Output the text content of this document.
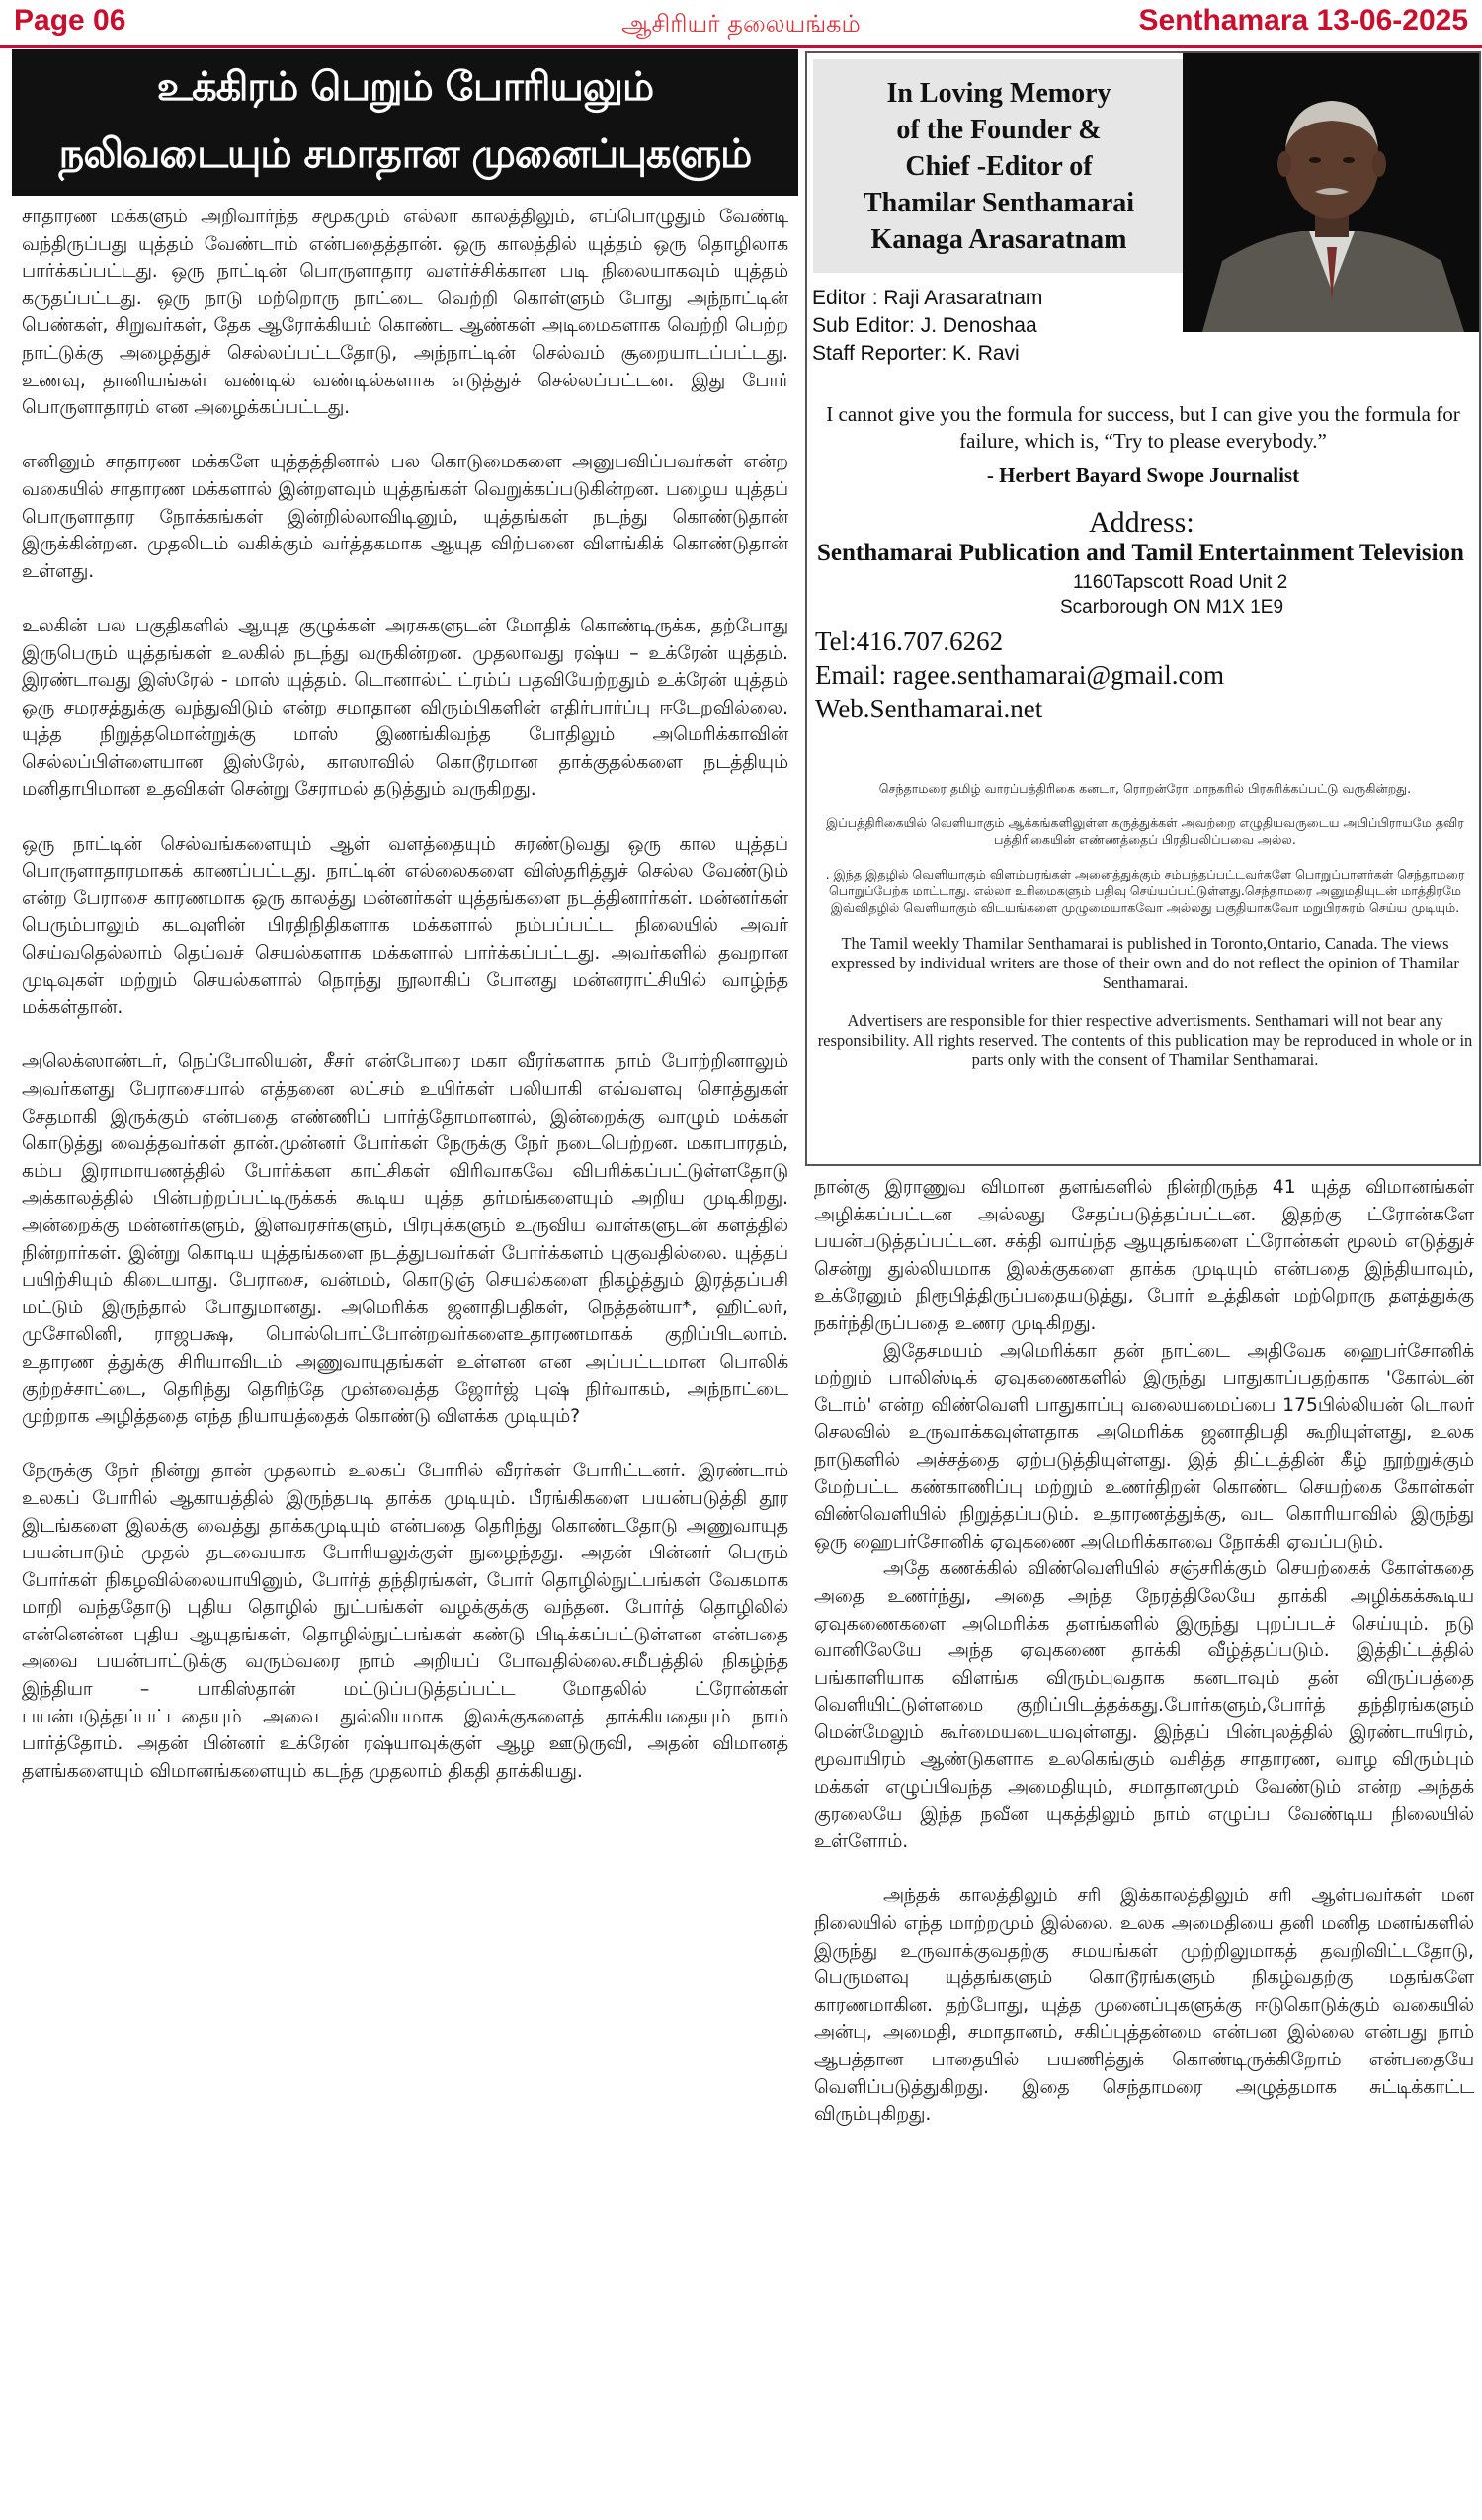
Page 06	ஆசிரியர் தலையங்கம்	Senthamara 13-06-2025
உக்கிரம் பெறும் போரியலும்
நலிவடையும் சமாதான முனைப்புகளும்

சாதாரண மக்களும் அறிவார்ந்த சமூகமும் எல்லா காலத்திலும், எப்பொழுதும் வேண்டி வந்திருப்பது யுத்தம் வேண்டாம் என்பதைத்தான். ஒரு காலத்தில் யுத்தம் ஒரு தொழிலாக பார்க்கப்பட்டது. ஒரு நாட்டின் பொருளாதார வளர்ச்சிக்கான படி நிலையாகவும் யுத்தம் கருதப்பட்டது. ஒரு நாடு மற்றொரு நாட்டை வெற்றி கொள்ளும் போது அந்நாட்டின் பெண்கள், சிறுவர்கள், தேக ஆரோக்கியம் கொண்ட ஆண்கள் அடிமைகளாக வெற்றி பெற்ற நாட்டுக்கு அழைத்துச் செல்லப்பட்டதோடு, அந்நாட்டின் செல்வம் சூறையாடப்பட்டது. உணவு, தானியங்கள் வண்டில் வண்டில்களாக எடுத்துச் செல்லப்பட்டன. இது போர் பொருளாதாரம் என அழைக்கப்பட்டது.

எனினும் சாதாரண மக்களே யுத்தத்தினால் பல கொடுமைகளை அனுபவிப்பவர்கள் என்ற வகையில் சாதாரண மக்களால் இன்றளவும் யுத்தங்கள் வெறுக்கப்படுகின்றன. பழைய யுத்தப் பொருளாதார நோக்கங்கள் இன்றில்லாவிடினும், யுத்தங்கள் நடந்து கொண்டுதான் இருக்கின்றன. முதலிடம் வகிக்கும் வர்த்தகமாக ஆயுத விற்பனை விளங்கிக் கொண்டுதான் உள்ளது.

உலகின் பல பகுதிகளில் ஆயுத குழுக்கள் அரசுகளுடன் மோதிக் கொண்டிருக்க, தற்போது இருபெரும் யுத்தங்கள் உலகில் நடந்து வருகின்றன. முதலாவது ரஷ்ய – உக்ரேன் யுத்தம். இரண்டாவது இஸ்ரேல் - மாஸ் யுத்தம். டொனால்ட் ட்ரம்ப் பதவியேற்றதும் உக்ரேன் யுத்தம் ஒரு சமரசத்துக்கு வந்துவிடும் என்ற சமாதான விரும்பிகளின் எதிர்பார்ப்பு ஈடேறவில்லை. யுத்த நிறுத்தமொன்றுக்கு மாஸ் இணங்கிவந்த போதிலும் அமெரிக்காவின் செல்லப்பிள்ளையான இஸ்ரேல், காஸாவில் கொடூரமான தாக்குதல்களை நடத்தியும் மனிதாபிமான உதவிகள் சென்று சேராமல் தடுத்தும் வருகிறது.

ஒரு நாட்டின் செல்வங்களையும் ஆள் வளத்தையும் சுரண்டுவது ஒரு கால யுத்தப் பொருளாதாரமாகக் காணப்பட்டது. நாட்டின் எல்லைகளை விஸ்தரித்துச் செல்ல வேண்டும் என்ற பேராசை காரணமாக ஒரு காலத்து மன்னர்கள் யுத்தங்களை நடத்தினார்கள். மன்னர்கள் பெரும்பாலும் கடவுளின் பிரதிநிதிகளாக மக்களால் நம்பப்பட்ட நிலையில் அவர் செய்வதெல்லாம் தெய்வச் செயல்களாக மக்களால் பார்க்கப்பட்டது. அவர்களில் தவறான முடிவுகள் மற்றும் செயல்களால் நொந்து நூலாகிப் போனது மன்னராட்சியில் வாழ்ந்த மக்கள்தான்.

அலெக்ஸாண்டர், நெப்போலியன், சீசர் என்போரை மகா வீரர்களாக நாம் போற்றினாலும் அவர்களது பேராசையால் எத்தனை லட்சம் உயிர்கள் பலியாகி எவ்வளவு சொத்துகள் சேதமாகி இருக்கும் என்பதை எண்ணிப் பார்த்தோமானால், இன்றைக்கு வாழும் மக்கள் கொடுத்து வைத்தவர்கள் தான்.முன்னர் போர்கள் நேருக்கு நேர் நடைபெற்றன. மகாபாரதம், கம்ப இராமாயணத்தில் போர்க்கள காட்சிகள் விரிவாகவே விபரிக்கப்பட்டுள்ளதோடு அக்காலத்தில் பின்பற்றப்பட்டிருக்கக் கூடிய யுத்த தர்மங்களையும் அறிய முடிகிறது. அன்றைக்கு மன்னர்களும், இளவரசர்களும், பிரபுக்களும் உருவிய வாள்களுடன் களத்தில் நின்றார்கள். இன்று கொடிய யுத்தங்களை நடத்துபவர்கள் போர்க்களம் புகுவதில்லை. யுத்தப் பயிற்சியும் கிடையாது. பேராசை, வன்மம், கொடுஞ் செயல்களை நிகழ்த்தும் இரத்தப்பசி மட்டும் இருந்தால் போதுமானது. அமெரிக்க ஜனாதிபதிகள், நெத்தன்யா*, ஹிட்லர், முசோலினி, ராஜபக்ஷ, பொல்பொட்போன்றவர்களைஉதாரணமாகக் குறிப்பிடலாம். உதாரண த்துக்கு சிரியாவிடம் அணுவாயுதங்கள் உள்ளன என அப்பட்டமான பொலிக் குற்றச்சாட்டை, தெரிந்து தெரிந்தே முன்வைத்த ஜோர்ஜ் புஷ் நிர்வாகம், அந்நாட்டை முற்றாக அழித்ததை எந்த நியாயத்தைக் கொண்டு விளக்க முடியும்?

நேருக்கு நேர் நின்று தான் முதலாம் உலகப் போரில் வீரர்கள் போரிட்டனர். இரண்டாம் உலகப் போரில் ஆகாயத்தில் இருந்தபடி தாக்க முடியும். பீரங்கிகளை பயன்படுத்தி தூர இடங்களை இலக்கு வைத்து தாக்கமுடியும் என்பதை தெரிந்து கொண்டதோடு அணுவாயுத பயன்பாடும் முதல் தடவையாக போரியலுக்குள் நுழைந்தது. அதன் பின்னர் பெரும் போர்கள் நிகழவில்லையாயினும், போர்த் தந்திரங்கள், போர் தொழில்நுட்பங்கள் வேகமாக மாறி வந்ததோடு புதிய தொழில் நுட்பங்கள் வழக்குக்கு வந்தன. போர்த் தொழிலில் என்னென்ன புதிய ஆயுதங்கள், தொழில்நுட்பங்கள் கண்டு பிடிக்கப்பட்டுள்ளன என்பதை அவை பயன்பாட்டுக்கு வரும்வரை நாம் அறியப் போவதில்லை.சமீபத்தில் நிகழ்ந்த இந்தியா – பாகிஸ்தான் மட்டுப்படுத்தப்பட்ட மோதலில் ட்ரோன்கள் பயன்படுத்தப்பட்டதையும் அவை துல்லியமாக இலக்குகளைத் தாக்கியதையும் நாம் பார்த்தோம். அதன் பின்னர் உக்ரேன் ரஷ்யாவுக்குள் ஆழ ஊடுருவி, அதன் விமானத் தளங்களையும் விமானங்களையும் கடந்த முதலாம் திகதி தாக்கியது.

In Loving Memory
of the Founder &
Chief -Editor of
Thamilar Senthamarai
Kanaga Arasaratnam
Editor : Raji Arasaratnam
Sub Editor: J. Denoshaa
Staff Reporter: K. Ravi
I cannot give you the formula for success, but I can give you the formula for failure, which is, “Try to please everybody.”
- Herbert Bayard Swope Journalist
Address:
Senthamarai Publication and Tamil Entertainment Television
1160Tapscott Road Unit 2
Scarborough ON M1X 1E9
Tel:416.707.6262
Email: ragee.senthamarai@gmail.com
Web.Senthamarai.net

செந்தாமரை தமிழ் வாரப்பத்திரிகை கனடா, ரொறன்ரோ மாநகரில் பிரசுரிக்கப்பட்டு வருகின்றது.

இப்பத்திரிகையில் வெளியாகும் ஆக்கங்களிலுள்ள கருத்துக்கள் அவற்றை எழுதியவருடைய அபிப்பிராயமே தவிர பத்திரிகையின் எண்ணத்தைப் பிரதிபலிப்பவை அல்ல.

. இந்த இதழில் வெளியாகும் விளம்பரங்கள் அனைத்துக்கும் சம்பந்தப்பட்டவர்களே பொறுப்பாளர்கள் செந்தாமரை பொறுப்பேற்க மாட்டாது. எல்லா உரிமைகளும் பதிவு செய்யப்பட்டுள்ளது.செந்தாமரை அனுமதியுடன் மாத்திரமே இவ்விதழில் வெளியாகும் விடயங்களை முழுமையாகவோ அல்லது பகுதியாகவோ மறுபிரசுரம் செய்ய முடியும்.

The Tamil weekly Thamilar Senthamarai is published in Toronto,Ontario, Canada. The views expressed by individual writers are those of their own and do not reflect the opinion of Thamilar Senthamarai.

Advertisers are responsible for thier respective advertisments. Senthamari will not bear any responsibility. All rights reserved. The contents of this publication may be reproduced in whole or in parts only with the consent of Thamilar Senthamarai.

நான்கு இராணுவ விமான தளங்களில் நின்றிருந்த 41 யுத்த விமானங்கள் அழிக்கப்பட்டன அல்லது சேதப்படுத்தப்பட்டன. இதற்கு ட்ரோன்களே பயன்படுத்தப்பட்டன. சக்தி வாய்ந்த ஆயுதங்களை ட்ரோன்கள் மூலம் எடுத்துச் சென்று துல்லியமாக இலக்குகளை தாக்க முடியும் என்பதை இந்தியாவும், உக்ரேனும் நிரூபித்திருப்பதையடுத்து, போர் உத்திகள் மற்றொரு தளத்துக்கு நகர்ந்திருப்பதை உணர முடிகிறது.

இதேசமயம் அமெரிக்கா தன் நாட்டை அதிவேக ஹைபர்சோனிக் மற்றும் பாலிஸ்டிக் ஏவுகணைகளில் இருந்து பாதுகாப்பதற்காக 'கோல்டன் டோம்' என்ற விண்வெளி பாதுகாப்பு வலையமைப்பை 175பில்லியன் டொலர் செலவில் உருவாக்கவுள்ளதாக அமெரிக்க ஜனாதிபதி கூறியுள்ளது, உலக நாடுகளில் அச்சத்தை ஏற்படுத்தியுள்ளது. இத் திட்டத்தின் கீழ் நூற்றுக்கும் மேற்பட்ட கண்காணிப்பு மற்றும் உணர்திறன் கொண்ட செயற்கை கோள்கள் விண்வெளியில் நிறுத்தப்படும். உதாரணத்துக்கு, வட கொரியாவில் இருந்து ஒரு ஹைபர்சோனிக் ஏவுகணை அமெரிக்காவை நோக்கி ஏவப்படும்.

அதே கணக்கில் விண்வெளியில் சஞ்சரிக்கும் செயற்கைக் கோள்கதை அதை உணர்ந்து, அதை அந்த நேரத்திலேயே தாக்கி அழிக்கக்கூடிய ஏவுகணைகளை அமெரிக்க தளங்களில் இருந்து புறப்படச் செய்யும். நடு வானிலேயே அந்த ஏவுகணை தாக்கி வீழ்த்தப்படும். இத்திட்டத்தில் பங்காளியாக விளங்க விரும்புவதாக கனடாவும் தன் விருப்பத்தை வெளியிட்டுள்ளமை குறிப்பிடத்தக்கது.போர்களும்,போர்த் தந்திரங்களும் மென்மேலும் கூர்மையடையவுள்ளது. இந்தப் பின்புலத்தில் இரண்டாயிரம், மூவாயிரம் ஆண்டுகளாக உலகெங்கும் வசித்த சாதாரண, வாழ விரும்பும் மக்கள் எழுப்பிவந்த அமைதியும், சமாதானமும் வேண்டும் என்ற அந்தக் குரலையே இந்த நவீன யுகத்திலும் நாம் எழுப்ப வேண்டிய நிலையில் உள்ளோம்.

அந்தக் காலத்திலும் சரி இக்காலத்திலும் சரி ஆள்பவர்கள் மன நிலையில் எந்த மாற்றமும் இல்லை. உலக அமைதியை தனி மனித மனங்களில் இருந்து உருவாக்குவதற்கு சமயங்கள் முற்றிலுமாகத் தவறிவிட்டதோடு, பெருமளவு யுத்தங்களும் கொடூரங்களும் நிகழ்வதற்கு மதங்களே காரணமாகின. தற்போது, யுத்த முனைப்புகளுக்கு ஈடுகொடுக்கும் வகையில் அன்பு, அமைதி, சமாதானம், சகிப்புத்தன்மை என்பன இல்லை என்பது நாம் ஆபத்தான பாதையில் பயணித்துக் கொண்டிருக்கிறோம் என்பதையே வெளிப்படுத்துகிறது. இதை செந்தாமரை அழுத்தமாக சுட்டிக்காட்ட விரும்புகிறது.
